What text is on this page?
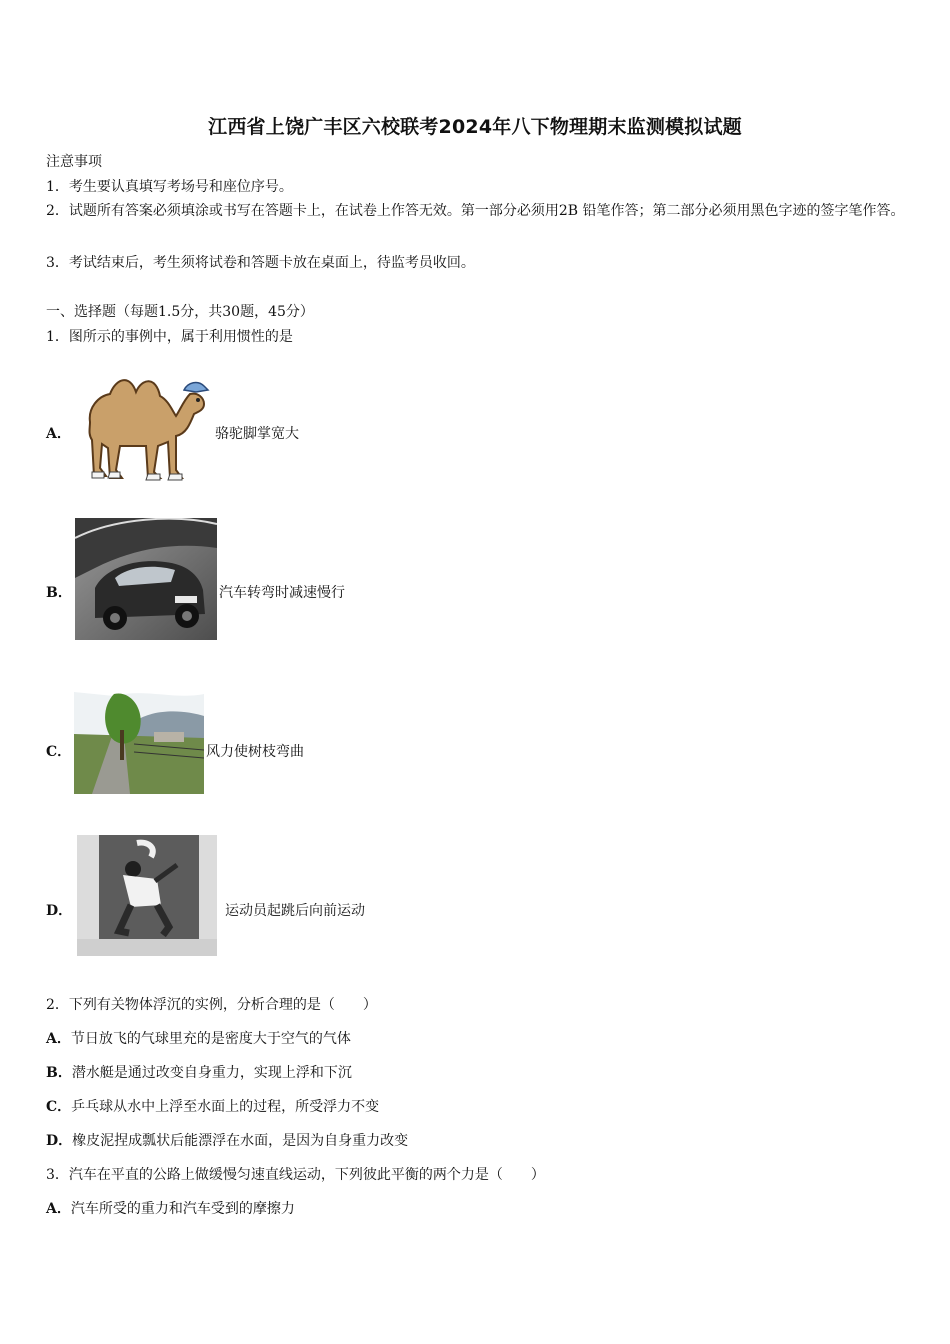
江西省上饶广丰区六校联考2024年八下物理期末监测模拟试题
注意事项
1．考生要认真填写考场号和座位序号。
2．试题所有答案必须填涂或书写在答题卡上，在试卷上作答无效。第一部分必须用2B 铅笔作答；第二部分必须用黑色字迹的签字笔作答。
3．考试结束后，考生须将试卷和答题卡放在桌面上，待监考员收回。
一、选择题（每题1.5分，共30题，45分）
1．图所示的事例中，属于利用惯性的是
A．	骆驼脚掌宽大
B．	汽车转弯时减速慢行
C．	风力使树枝弯曲
D．	运动员起跳后向前运动
2．下列有关物体浮沉的实例，分析合理的是（　　）
A．节日放飞的气球里充的是密度大于空气的气体
B．潜水艇是通过改变自身重力，实现上浮和下沉
C．乒乓球从水中上浮至水面上的过程，所受浮力不变
D．橡皮泥捏成瓢状后能漂浮在水面，是因为自身重力改变
3．汽车在平直的公路上做缓慢匀速直线运动，下列彼此平衡的两个力是（　　）
A．汽车所受的重力和汽车受到的摩擦力
